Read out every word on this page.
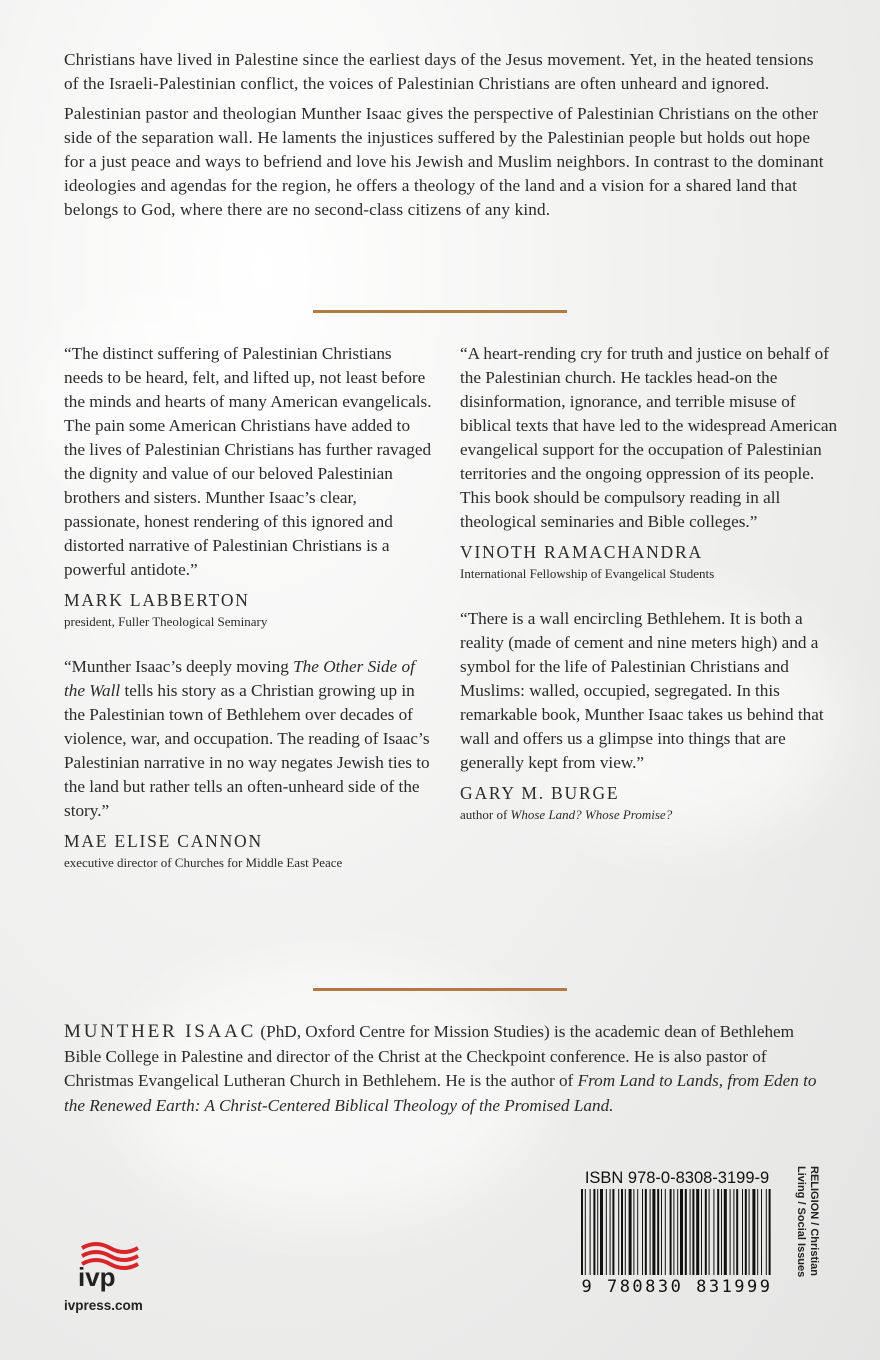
Christians have lived in Palestine since the earliest days of the Jesus movement. Yet, in the heated tensions of the Israeli-Palestinian conflict, the voices of Palestinian Christians are often unheard and ignored.

Palestinian pastor and theologian Munther Isaac gives the perspective of Palestinian Christians on the other side of the separation wall. He laments the injustices suffered by the Palestinian people but holds out hope for a just peace and ways to befriend and love his Jewish and Muslim neighbors. In contrast to the dominant ideologies and agendas for the region, he offers a theology of the land and a vision for a shared land that belongs to God, where there are no second-class citizens of any kind.

“The distinct suffering of Palestinian Christians needs to be heard, felt, and lifted up, not least before the minds and hearts of many American evangelicals. The pain some American Christians have added to the lives of Palestinian Christians has further ravaged the dignity and value of our beloved Palestinian brothers and sisters. Munther Isaac’s clear, passionate, honest rendering of this ignored and distorted narrative of Palestinian Christians is a powerful antidote.”

MARK LABBERTON
president, Fuller Theological Seminary

“Munther Isaac’s deeply moving The Other Side of the Wall tells his story as a Christian growing up in the Palestinian town of Bethlehem over decades of violence, war, and occupation. The reading of Isaac’s Palestinian narrative in no way negates Jewish ties to the land but rather tells an often-unheard side of the story.”

MAE ELISE CANNON
executive director of Churches for Middle East Peace

“A heart-rending cry for truth and justice on behalf of the Palestinian church. He tackles head-on the disinformation, ignorance, and terrible misuse of biblical texts that have led to the widespread American evangelical support for the occupation of Palestinian territories and the ongoing oppression of its people. This book should be compulsory reading in all theological seminaries and Bible colleges.”

VINOTH RAMACHANDRA
International Fellowship of Evangelical Students

“There is a wall encircling Bethlehem. It is both a reality (made of cement and nine meters high) and a symbol for the life of Palestinian Christians and Muslims: walled, occupied, segregated. In this remarkable book, Munther Isaac takes us behind that wall and offers us a glimpse into things that are generally kept from view.”

GARY M. BURGE
author of Whose Land? Whose Promise?
MUNTHER ISAAC (PhD, Oxford Centre for Mission Studies) is the academic dean of Bethlehem Bible College in Palestine and director of the Christ at the Checkpoint conference. He is also pastor of Christmas Evangelical Lutheran Church in Bethlehem. He is the author of From Land to Lands, from Eden to the Renewed Earth: A Christ-Centered Biblical Theology of the Promised Land.
ISBN 978-0-8308-3199-9
9 780830 831999
RELIGION / Christian Living / Social Issues
ivp
ivpress.com
